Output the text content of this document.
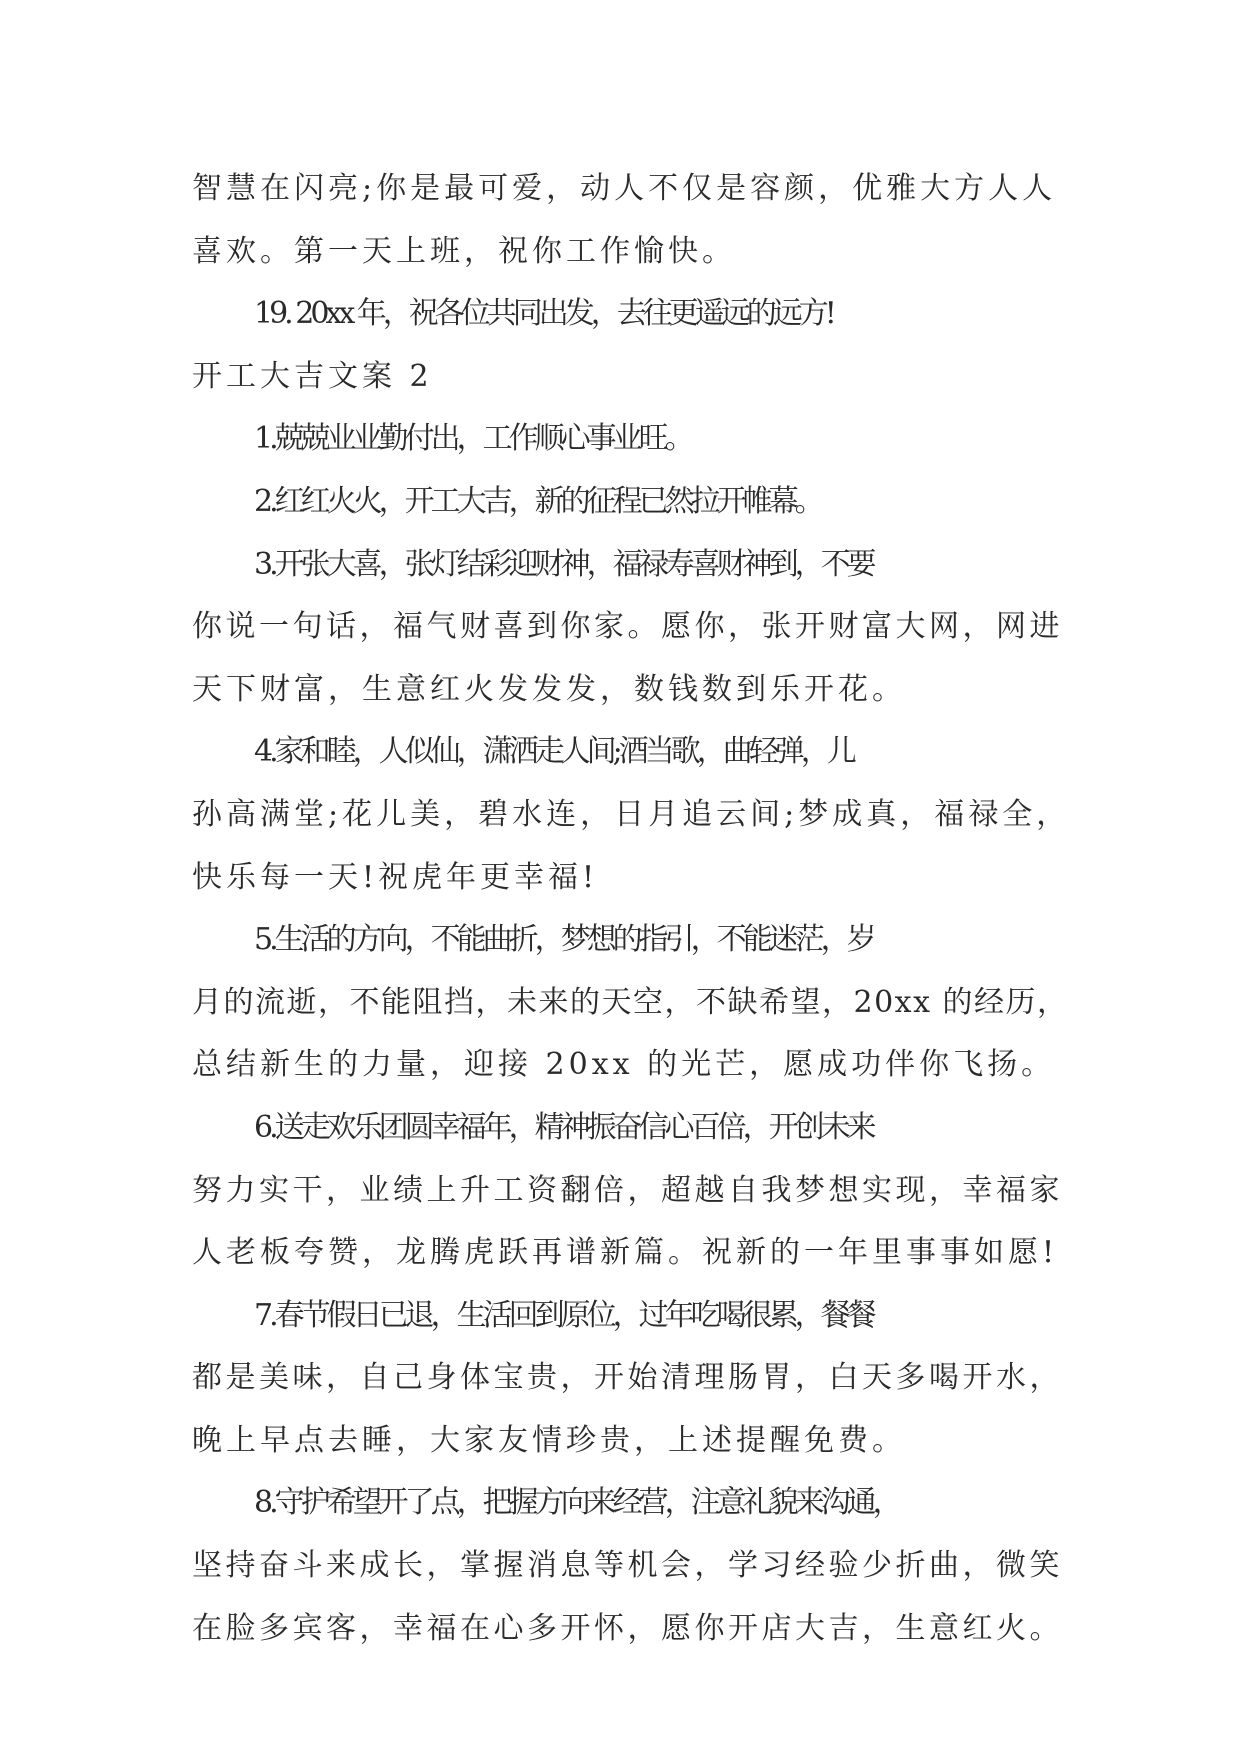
智慧在闪亮;你是最可爱，动人不仅是容颜，优雅大方人人
喜欢。第一天上班，祝你工作愉快。
19. 20xx 年，祝各位共同出发，去往更遥远的远方!
开工大吉文案 2
1.兢兢业业勤付出，工作顺心事业旺。
2.红红火火，开工大吉，新的征程已然拉开帷幕。
3.开张大喜，张灯结彩迎财神，福禄寿喜财神到，不要
你说一句话，福气财喜到你家。愿你，张开财富大网，网进
天下财富，生意红火发发发，数钱数到乐开花。
4.家和睦，人似仙，潇洒走人间;酒当歌，曲轻弹，儿
孙高满堂;花儿美，碧水连，日月追云间;梦成真，福禄全，
快乐每一天!祝虎年更幸福!
5.生活的方向，不能曲折，梦想的指引，不能迷茫，岁
月的流逝，不能阻挡，未来的天空，不缺希望，20xx 的经历，
总结新生的力量，迎接 20xx 的光芒，愿成功伴你飞扬。
6.送走欢乐团圆幸福年，精神振奋信心百倍，开创未来
努力实干，业绩上升工资翻倍，超越自我梦想实现，幸福家
人老板夸赞，龙腾虎跃再谱新篇。祝新的一年里事事如愿!
7.春节假日已退，生活回到原位，过年吃喝很累，餐餐
都是美味，自己身体宝贵，开始清理肠胃，白天多喝开水，
晚上早点去睡，大家友情珍贵，上述提醒免费。
8.守护希望开了点，把握方向来经营，注意礼貌来沟通，
坚持奋斗来成长，掌握消息等机会，学习经验少折曲，微笑
在脸多宾客，幸福在心多开怀，愿你开店大吉，生意红火。
